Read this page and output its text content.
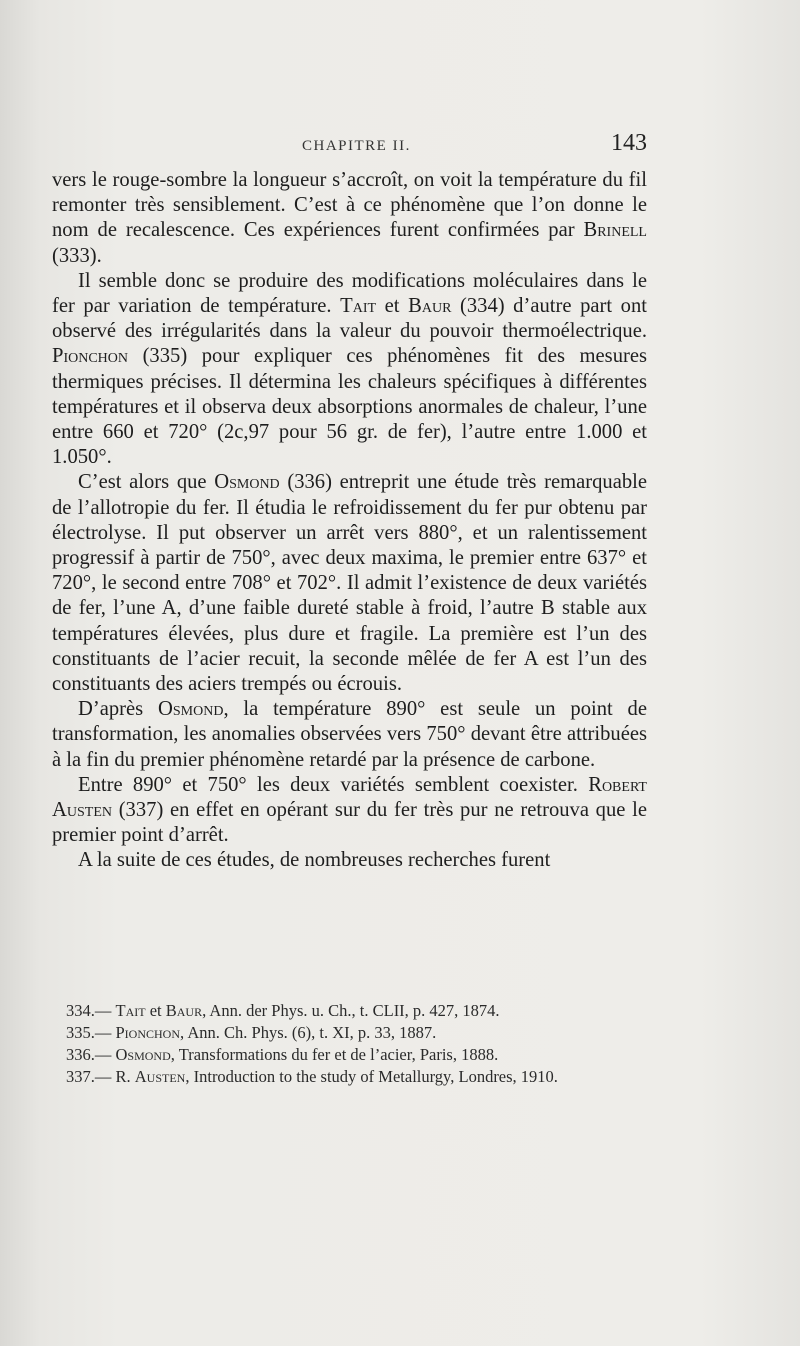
CHAPITRE II.	143

vers le rouge-sombre la longueur s’accroît, on voit la température du fil remonter très sensiblement. C’est à ce phénomène que l’on donne le nom de recalescence. Ces expériences furent confirmées par Brinell (333).

Il semble donc se produire des modifications moléculaires dans le fer par variation de température. Tait et Baur (334) d’autre part ont observé des irrégularités dans la valeur du pouvoir thermoélectrique. Pionchon (335) pour expliquer ces phénomènes fit des mesures thermiques précises. Il détermina les chaleurs spécifiques à différentes températures et il observa deux absorptions anormales de chaleur, l’une entre 660 et 720° (2c,97 pour 56 gr. de fer), l’autre entre 1.000 et 1.050°.

C’est alors que Osmond (336) entreprit une étude très remarquable de l’allotropie du fer. Il étudia le refroidissement du fer pur obtenu par électrolyse. Il put observer un arrêt vers 880°, et un ralentissement progressif à partir de 750°, avec deux maxima, le premier entre 637° et 720°, le second entre 708° et 702°. Il admit l’existence de deux variétés de fer, l’une A, d’une faible dureté stable à froid, l’autre B stable aux températures élevées, plus dure et fragile. La première est l’un des constituants de l’acier recuit, la seconde mêlée de fer A est l’un des constituants des aciers trempés ou écrouis.

D’après Osmond, la température 890° est seule un point de transformation, les anomalies observées vers 750° devant être attribuées à la fin du premier phénomène retardé par la présence de carbone.

Entre 890° et 750° les deux variétés semblent coexister. Robert Austen (337) en effet en opérant sur du fer très pur ne retrouva que le premier point d’arrêt.

A la suite de ces études, de nombreuses recherches furent

334.— Tait et Baur, Ann. der Phys. u. Ch., t. CLII, p. 427, 1874.

335.— Pionchon, Ann. Ch. Phys. (6), t. XI, p. 33, 1887.

336.— Osmond, Transformations du fer et de l’acier, Paris, 1888.

337.— R. Austen, Introduction to the study of Metallurgy, Londres, 1910.
